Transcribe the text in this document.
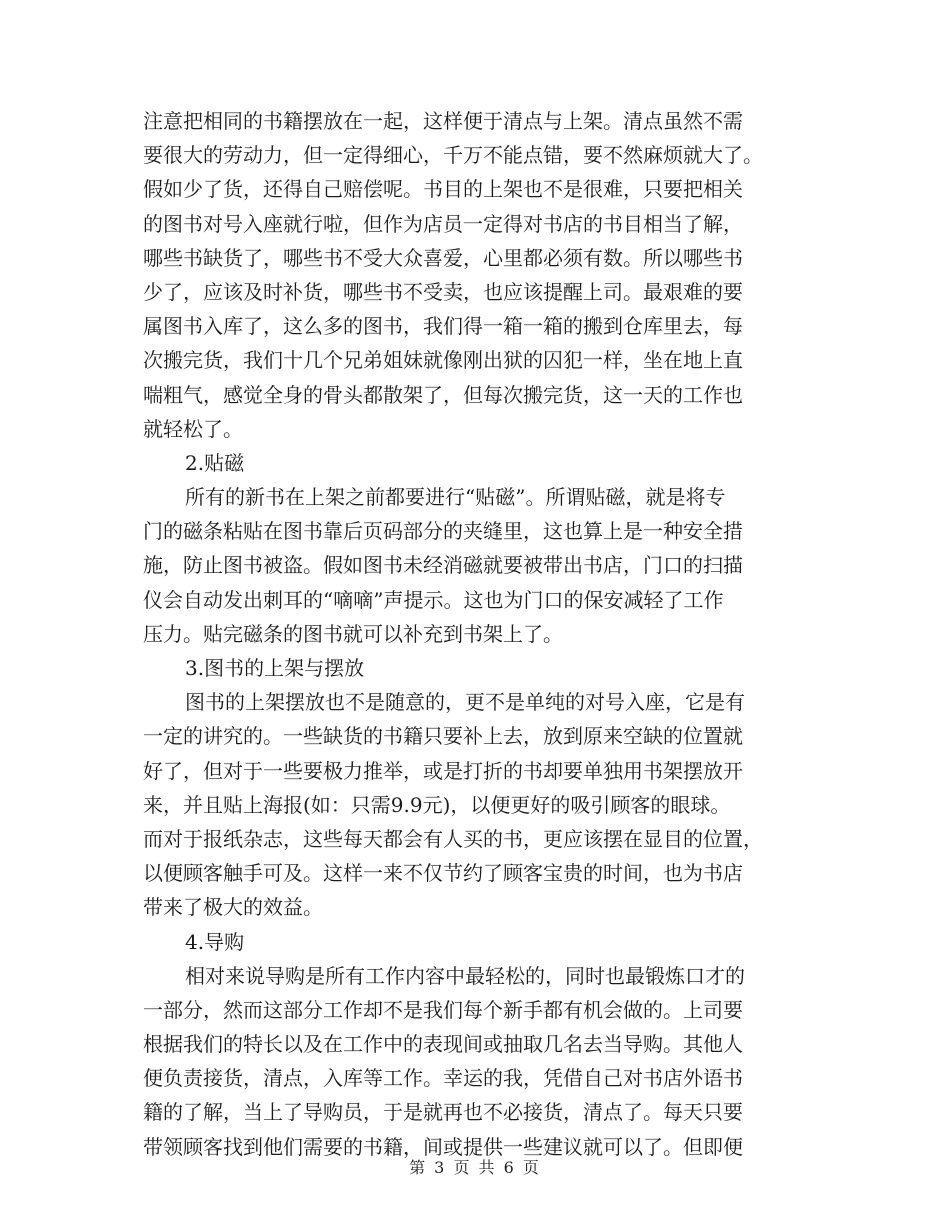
注意把相同的书籍摆放在一起，这样便于清点与上架。清点虽然不需
要很大的劳动力，但一定得细心，千万不能点错，要不然麻烦就大了。
假如少了货，还得自己赔偿呢。书目的上架也不是很难，只要把相关
的图书对号入座就行啦，但作为店员一定得对书店的书目相当了解，
哪些书缺货了，哪些书不受大众喜爱，心里都必须有数。所以哪些书
少了，应该及时补货，哪些书不受卖，也应该提醒上司。最艰难的要
属图书入库了，这么多的图书，我们得一箱一箱的搬到仓库里去，每
次搬完货，我们十几个兄弟姐妹就像刚出狱的囚犯一样，坐在地上直
喘粗气，感觉全身的骨头都散架了，但每次搬完货，这一天的工作也
就轻松了。
2.贴磁
所有的新书在上架之前都要进行“贴磁”。所谓贴磁，就是将专
门的磁条粘贴在图书靠后页码部分的夹缝里，这也算上是一种安全措
施，防止图书被盗。假如图书未经消磁就要被带出书店，门口的扫描
仪会自动发出刺耳的“嘀嘀”声提示。这也为门口的保安减轻了工作
压力。贴完磁条的图书就可以补充到书架上了。
3.图书的上架与摆放
图书的上架摆放也不是随意的，更不是单纯的对号入座，它是有
一定的讲究的。一些缺货的书籍只要补上去，放到原来空缺的位置就
好了，但对于一些要极力推举，或是打折的书却要单独用书架摆放开
来，并且贴上海报(如：只需9.9元)，以便更好的吸引顾客的眼球。
而对于报纸杂志，这些每天都会有人买的书，更应该摆在显目的位置，
以便顾客触手可及。这样一来不仅节约了顾客宝贵的时间，也为书店
带来了极大的效益。
4.导购
相对来说导购是所有工作内容中最轻松的，同时也最锻炼口才的
一部分，然而这部分工作却不是我们每个新手都有机会做的。上司要
根据我们的特长以及在工作中的表现间或抽取几名去当导购。其他人
便负责接货，清点，入库等工作。幸运的我，凭借自己对书店外语书
籍的了解，当上了导购员，于是就再也不必接货，清点了。每天只要
带领顾客找到他们需要的书籍，间或提供一些建议就可以了。但即便
第 3 页 共 6 页
